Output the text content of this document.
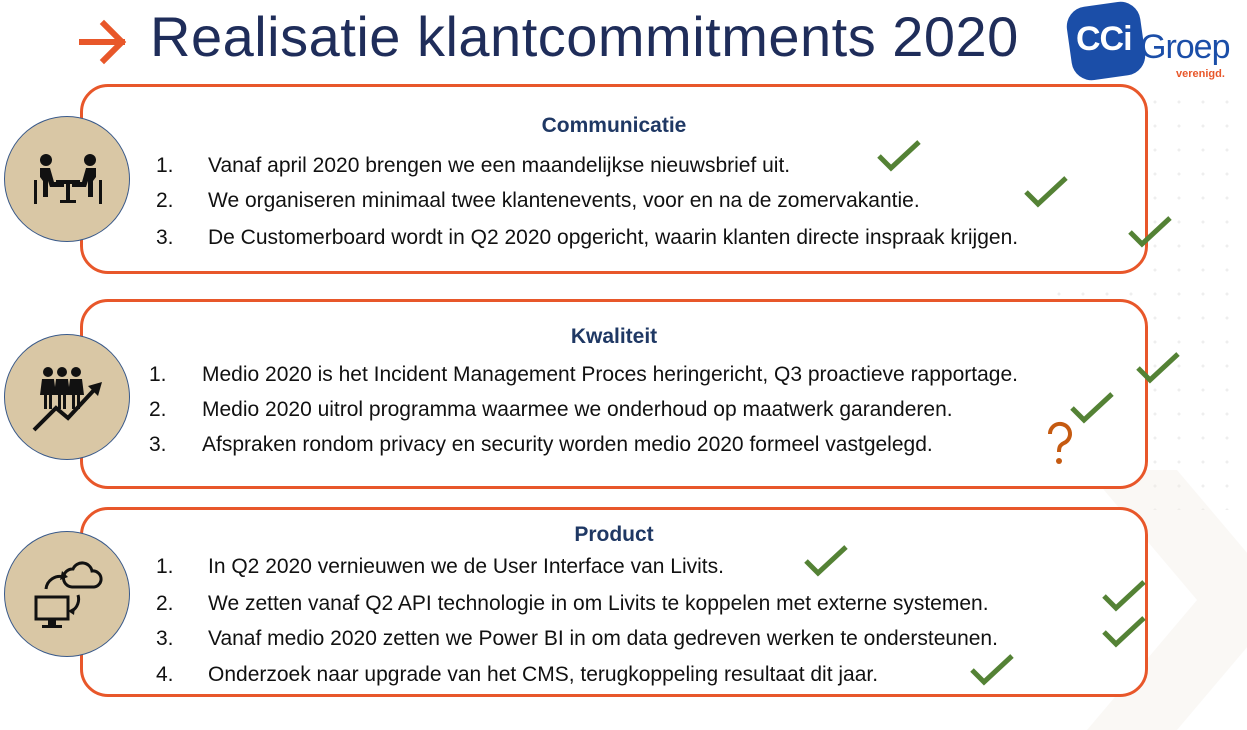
Realisatie klantcommitments 2020 CCi Groep
verenigd.
Communicatie
1. Vanaf april 2020 brengen we een maandelijkse nieuwsbrief uit.
2. We organiseren minimaal twee klantenevents, voor en na de zomervakantie.
3. De Customerboard wordt in Q2 2020 opgericht, waarin klanten directe inspraak krijgen.
Kwaliteit
1. Medio 2020 is het Incident Management Proces heringericht, Q3 proactieve rapportage.
2. Medio 2020 uitrol programma waarmee we onderhoud op maatwerk garanderen.
3. Afspraken rondom privacy en security worden medio 2020 formeel vastgelegd.
Product
1. In Q2 2020 vernieuwen we de User Interface van Livits.
2. We zetten vanaf Q2 API technologie in om Livits te koppelen met externe systemen.
3. Vanaf medio 2020 zetten we Power BI in om data gedreven werken te ondersteunen.
4. Onderzoek naar upgrade van het CMS, terugkoppeling resultaat dit jaar.
